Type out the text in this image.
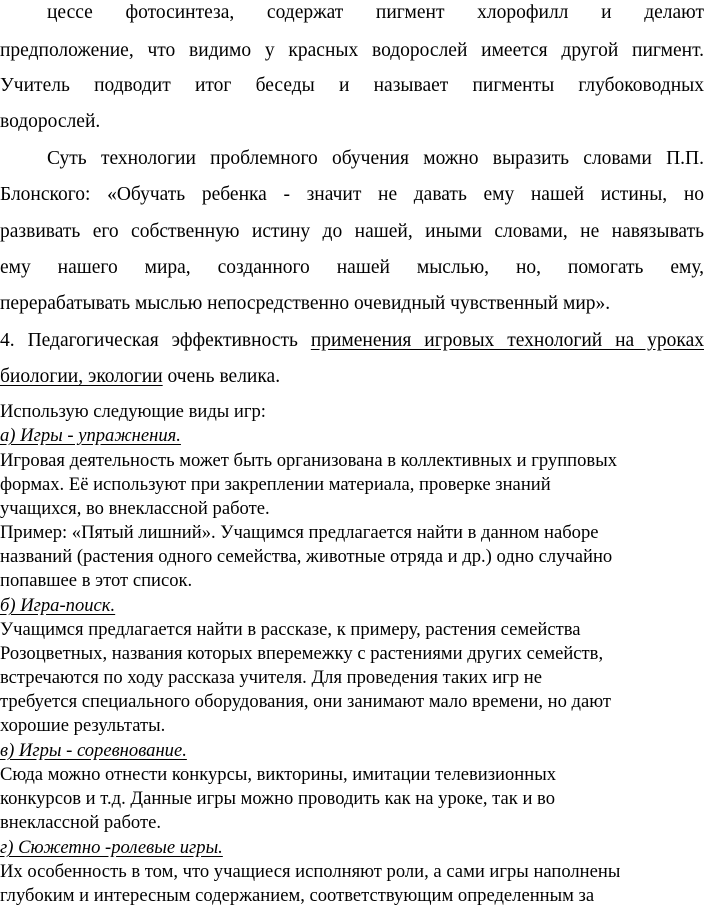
цессе фотосинтеза, содержат пигмент хлорофилл и делают

предположение, что видимо у красных водорослей имеется другой пигмент.

Учитель подводит итог беседы и называет пигменты глубоководных

водорослей.

Суть технологии проблемного обучения можно выразить словами П.П.

Блонского: «Обучать ребенка - значит не давать ему нашей истины, но

развивать его собственную истину до нашей, иными словами, не навязывать

ему нашего мира, созданного нашей мыслью, но, помогать ему,

перерабатывать мыслью непосредственно очевидный чувственный мир».

4. Педагогическая эффективность применения игровых технологий на уроках

биологии, экологии очень велика.

Использую следующие виды игр:

а) Игры - упражнения.

Игровая деятельность может быть организована в коллективных и групповых

формах. Её используют при закреплении материала, проверке знаний

учащихся, во внеклассной работе.

Пример: «Пятый лишний». Учащимся предлагается найти в данном наборе

названий (растения одного семейства, животные отряда и др.) одно случайно

попавшее в этот список.

б) Игра-поиск.

Учащимся предлагается найти в рассказе, к примеру, растения семейства

Розоцветных, названия которых вперемежку с растениями других семейств,

встречаются по ходу рассказа учителя. Для проведения таких игр не

требуется специального оборудования, они занимают мало времени, но дают

хорошие результаты.

в) Игры - соревнование.

Сюда можно отнести конкурсы, викторины, имитации телевизионных

конкурсов и т.д. Данные игры можно проводить как на уроке, так и во

внеклассной работе.

г) Сюжетно -ролевые игры.

Их особенность в том, что учащиеся исполняют роли, а сами игры наполнены

глубоким и интересным содержанием, соответствующим определенным за
